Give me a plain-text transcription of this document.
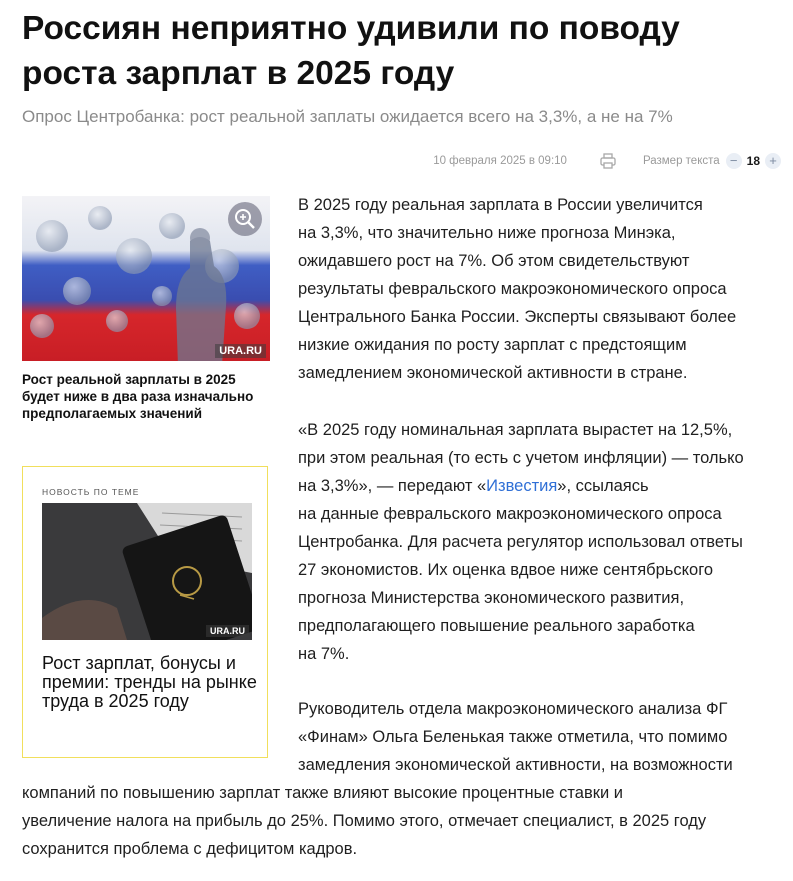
Россиян неприятно удивили по поводу роста зарплат в 2025 году

Опрос Центробанка: рост реальной заплаты ожидается всего на 3,3%, а не на 7%

10 февраля 2025 в 09:10	Размер текста − 18 +
URA.RU

Рост реальной зарплаты в 2025 будет ниже в два раза изначально предполагаемых значений

НОВОСТЬ ПО ТЕМЕ
URA.RU

Рост зарплат, бонусы и премии: тренды на рынке труда в 2025 году

В 2025 году реальная зарплата в России увеличится
на 3,3%, что значительно ниже прогноза Минэка,
ожидавшего рост на 7%. Об этом свидетельствуют
результаты февральского макроэкономического опроса
Центрального Банка России. Эксперты связывают более
низкие ожидания по росту зарплат с предстоящим
замедлением экономической активности в стране.
«В 2025 году номинальная зарплата вырастет на 12,5%,
при этом реальная (то есть с учетом инфляции) — только
на 3,3%», — передают «Известия», ссылаясь
на данные февральского макроэкономического опроса
Центробанка. Для расчета регулятор использовал ответы
27 экономистов. Их оценка вдвое ниже сентябрьского
прогноза Министерства экономического развития,
предполагающего повышение реального заработка
на 7%.
Руководитель отдела макроэкономического анализа ФГ
«Финам» Ольга Беленькая также отметила, что помимо
замедления экономической активности, на возможности
компаний по повышению зарплат также влияют высокие процентные ставки и
увеличение налога на прибыль до 25%. Помимо этого, отмечает специалист, в 2025 году
сохранится проблема с дефицитом кадров.
